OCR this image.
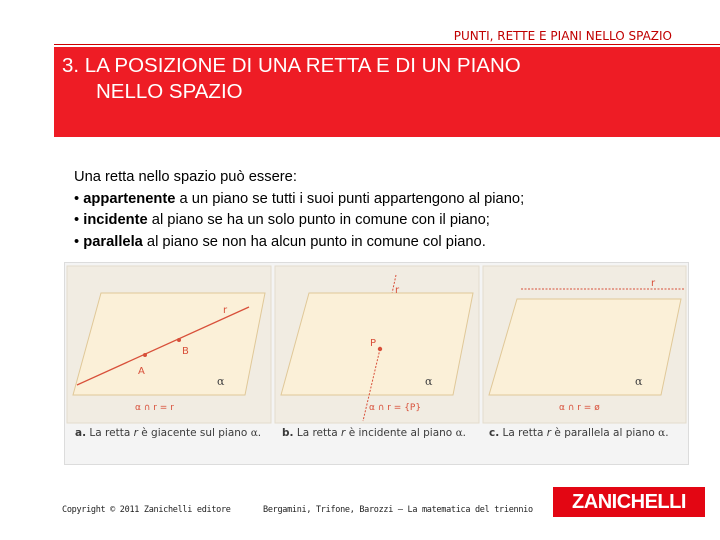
PUNTI, RETTE E PIANI NELLO SPAZIO
3. LA POSIZIONE DI UNA RETTA E DI UN PIANO
NELLO SPAZIO
Una retta nello spazio può essere:
• appartenente a un piano se tutti i suoi punti appartengono al piano;
• incidente al piano se ha un solo punto in comune con il piano;
• parallela al piano se non ha alcun punto in comune col piano.
r
B
A
α
α ∩ r = r
r
P
α
α ∩ r = {P}
r
α
α ∩ r = ø
a. La retta r è giacente sul piano α. b. La retta r è incidente al piano α. c. La retta r è parallela al piano α.
Copyright © 2011 Zanichelli editore	Bergamini, Trifone, Barozzi – La matematica del triennio	ZANICHELLI
